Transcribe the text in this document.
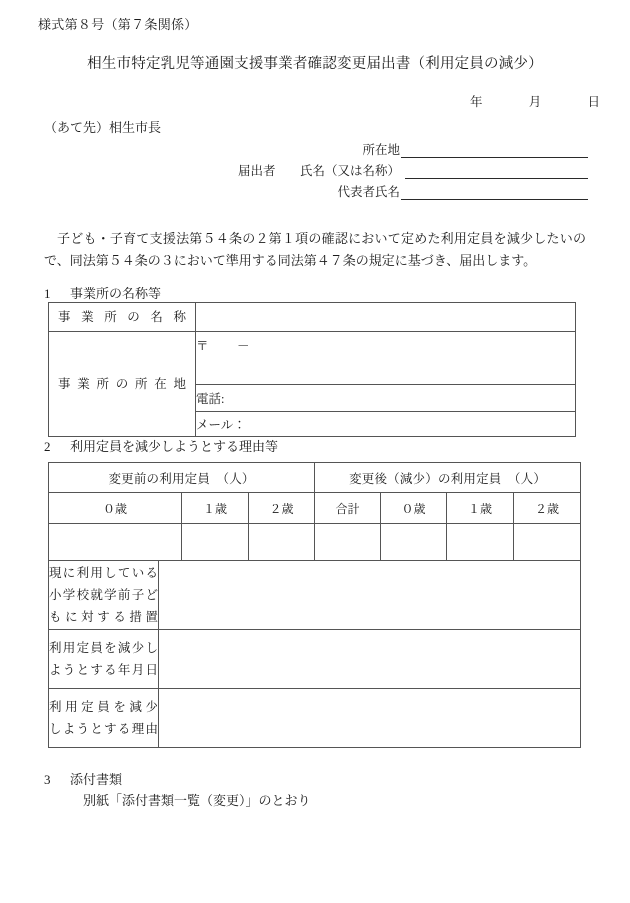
様式第８号（第７条関係）
相生市特定乳児等通園支援事業者確認変更届出書（利用定員の減少）
年	月	日
（あて先）相生市長
所在地
届出者	氏名（又は名称）
代表者氏名
子ども・子育て支援法第５４条の２第１項の確認において定めた利用定員を減少したいので、同法第５４条の３において準用する同法第４７条の規定に基づき、届出します。
1 事業所の名称等
事業所の名称	

事業所の所在地	〒 －
	電話:
	メール：
2 利用定員を減少しようとする理由等
変更前の利用定員　（人）				変更後（減少）の利用定員　（人）			
０歳		１歳	２歳	合計	０歳	１歳	２歳

現に利用している
小学校就学前子ど
もに対する措置							

利用定員を減少し
ようとする年月日							

利用定員を減少
しようとする理由							

3 添付書類
別紙「添付書類一覧（変更）」のとおり
